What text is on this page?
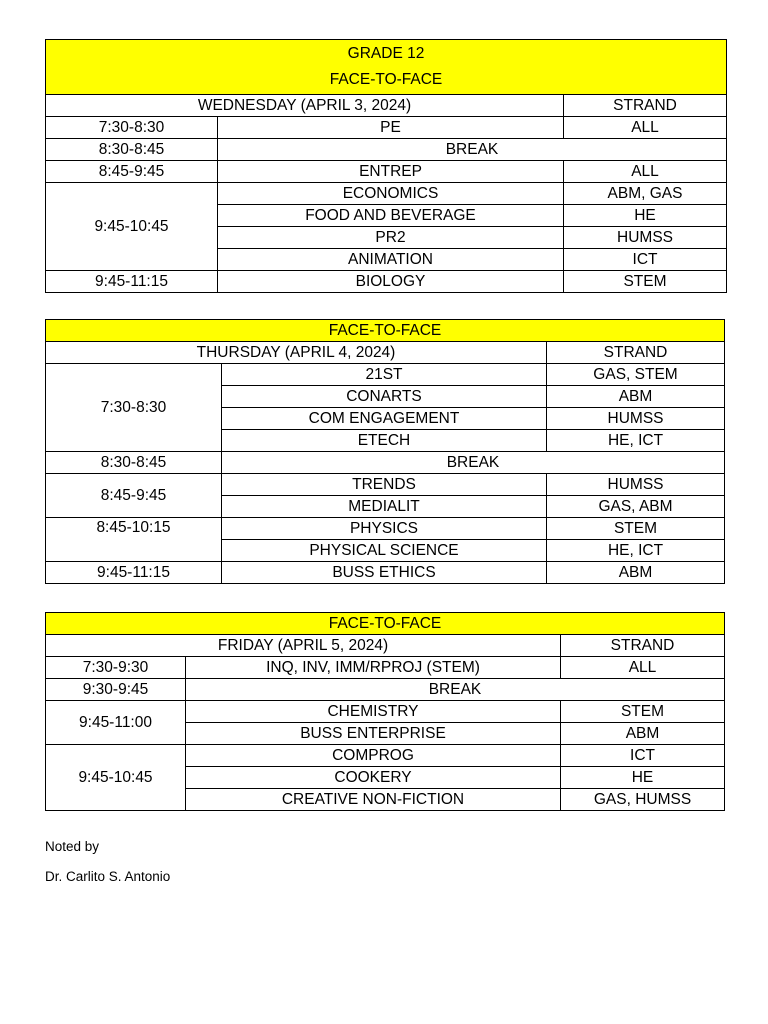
GRADE 12
FACE-TO-FACE		

WEDNESDAY (APRIL 3, 2024)		STRAND
7:30-8:30	PE	ALL
8:30-8:45	BREAK	
8:45-9:45	ENTREP	ALL
9:45-10:45	ECONOMICS	ABM, GAS
	FOOD AND BEVERAGE	HE
	PR2	HUMSS
	ANIMATION	ICT
9:45-11:15	BIOLOGY	STEM
FACE-TO-FACE		
THURSDAY (APRIL 4, 2024)		STRAND
7:30-8:30	21ST	GAS, STEM
	CONARTS	ABM
	COM ENGAGEMENT	HUMSS
	ETECH	HE, ICT
8:30-8:45	BREAK	
8:45-9:45	TRENDS	HUMSS
	MEDIALIT	GAS, ABM
8:45-10:15	PHYSICS	STEM
	PHYSICAL SCIENCE	HE, ICT
9:45-11:15	BUSS ETHICS	ABM
FACE-TO-FACE		
FRIDAY (APRIL 5, 2024)		STRAND
7:30-9:30	INQ, INV, IMM/RPROJ (STEM)	ALL
9:30-9:45	BREAK	
9:45-11:00	CHEMISTRY	STEM
	BUSS ENTERPRISE	ABM
9:45-10:45	COMPROG	ICT
	COOKERY	HE
	CREATIVE NON-FICTION	GAS, HUMSS
Noted by
Dr. Carlito S. Antonio
